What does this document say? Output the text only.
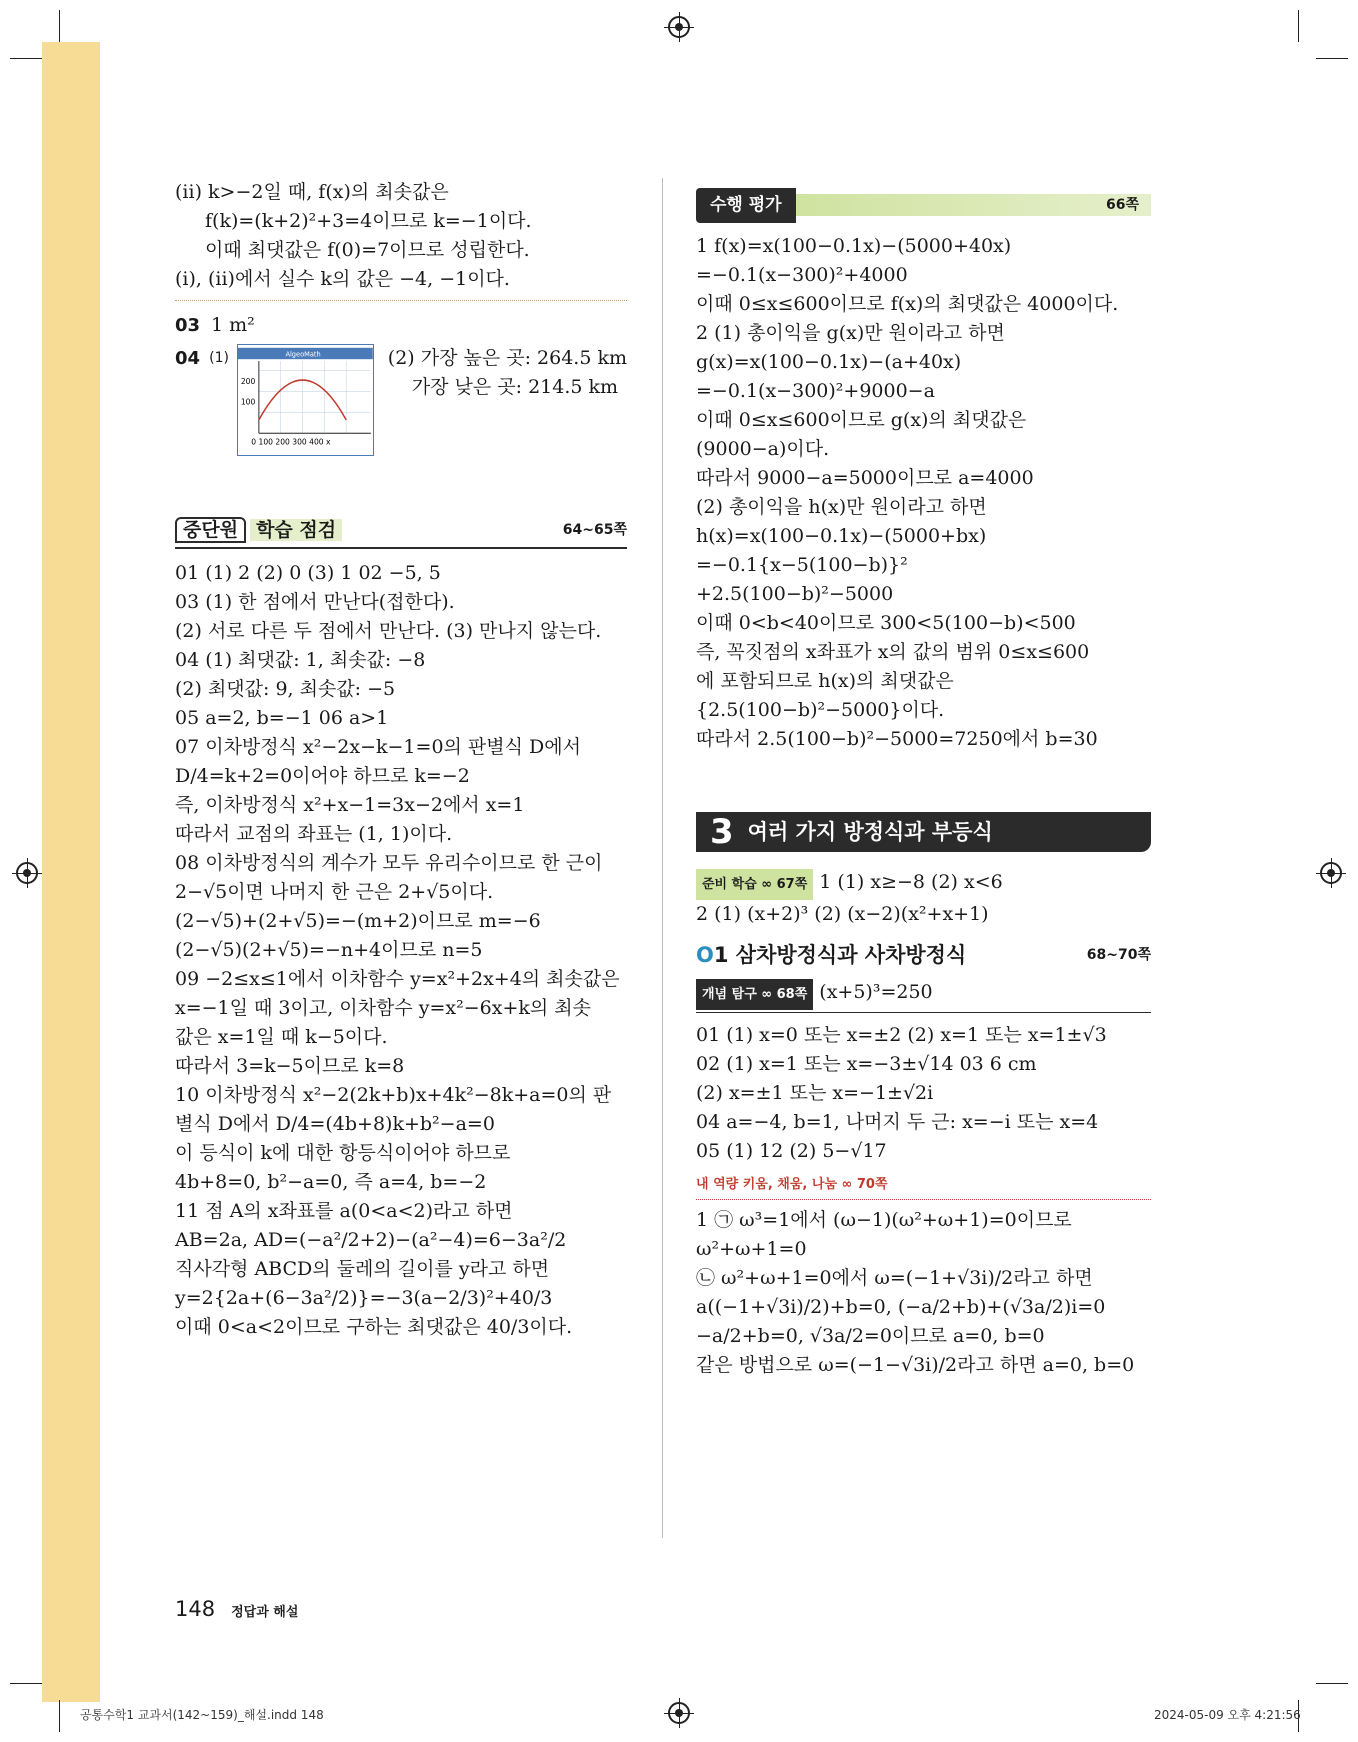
(ii) k>−2일 때, f(x)의 최솟값은
f(k)=(k+2)²+3=4이므로 k=−1이다.
이때 최댓값은 f(0)=7이므로 성립한다.
(i), (ii)에서 실수 k의 값은 −4, −1이다.
03 1 m²
04 (1)	AlgeoMath
200
100
0 100 200 300 400 x
(2) 가장 높은 곳: 264.5 km
가장 낮은 곳: 214.5 km
중단원 학습 점검	64~65쪽
01 (1) 2 (2) 0 (3) 1 02 −5, 5
03 (1) 한 점에서 만난다(접한다).
(2) 서로 다른 두 점에서 만난다. (3) 만나지 않는다.
04 (1) 최댓값: 1, 최솟값: −8
(2) 최댓값: 9, 최솟값: −5
05 a=2, b=−1 06 a>1
07 이차방정식 x²−2x−k−1=0의 판별식 D에서
D/4=k+2=0이어야 하므로 k=−2
즉, 이차방정식 x²+x−1=3x−2에서 x=1
따라서 교점의 좌표는 (1, 1)이다.
08 이차방정식의 계수가 모두 유리수이므로 한 근이
2−√5이면 나머지 한 근은 2+√5이다.
(2−√5)+(2+√5)=−(m+2)이므로 m=−6
(2−√5)(2+√5)=−n+4이므로 n=5
09 −2≤x≤1에서 이차함수 y=x²+2x+4의 최솟값은
x=−1일 때 3이고, 이차함수 y=x²−6x+k의 최솟
값은 x=1일 때 k−5이다.
따라서 3=k−5이므로 k=8
10 이차방정식 x²−2(2k+b)x+4k²−8k+a=0의 판
별식 D에서 D/4=(4b+8)k+b²−a=0
이 등식이 k에 대한 항등식이어야 하므로
4b+8=0, b²−a=0, 즉 a=4, b=−2
11 점 A의 x좌표를 a(0<a<2)라고 하면
AB=2a, AD=(−a²/2+2)−(a²−4)=6−3a²/2
직사각형 ABCD의 둘레의 길이를 y라고 하면
y=2{2a+(6−3a²/2)}=−3(a−2/3)²+40/3
이때 0<a<2이므로 구하는 최댓값은 40/3이다.
수행 평가	66쪽
1 f(x)=x(100−0.1x)−(5000+40x)
=−0.1(x−300)²+4000
이때 0≤x≤600이므로 f(x)의 최댓값은 4000이다.
2 (1) 총이익을 g(x)만 원이라고 하면
g(x)=x(100−0.1x)−(a+40x)
=−0.1(x−300)²+9000−a
이때 0≤x≤600이므로 g(x)의 최댓값은
(9000−a)이다.
따라서 9000−a=5000이므로 a=4000
(2) 총이익을 h(x)만 원이라고 하면
h(x)=x(100−0.1x)−(5000+bx)
=−0.1{x−5(100−b)}²
+2.5(100−b)²−5000
이때 0<b<40이므로 300<5(100−b)<500
즉, 꼭짓점의 x좌표가 x의 값의 범위 0≤x≤600
에 포함되므로 h(x)의 최댓값은
{2.5(100−b)²−5000}이다.
따라서 2.5(100−b)²−5000=7250에서 b=30
3 여러 가지 방정식과 부등식
준비 학습 ∞ 67쪽 1 (1) x≥−8 (2) x<6
2 (1) (x+2)³ (2) (x−2)(x²+x+1)
O1 삼차방정식과 사차방정식	68~70쪽
개념 탐구 ∞ 68쪽 (x+5)³=250
01 (1) x=0 또는 x=±2 (2) x=1 또는 x=1±√3
02 (1) x=1 또는 x=−3±√14 03 6 cm
(2) x=±1 또는 x=−1±√2i
04 a=−4, b=1, 나머지 두 근: x=−i 또는 x=4
05 (1) 12 (2) 5−√17
내 역량 키움, 채움, 나눔 ∞ 70쪽
1 ㉠ ω³=1에서 (ω−1)(ω²+ω+1)=0이므로
ω²+ω+1=0
㉡ ω²+ω+1=0에서 ω=(−1+√3i)/2라고 하면
a((−1+√3i)/2)+b=0, (−a/2+b)+(√3a/2)i=0
−a/2+b=0, √3a/2=0이므로 a=0, b=0
같은 방법으로 ω=(−1−√3i)/2라고 하면 a=0, b=0
148 정답과 해설
공통수학1 교과서(142~159)_해설.indd 148	2024-05-09 오후 4:21:56
